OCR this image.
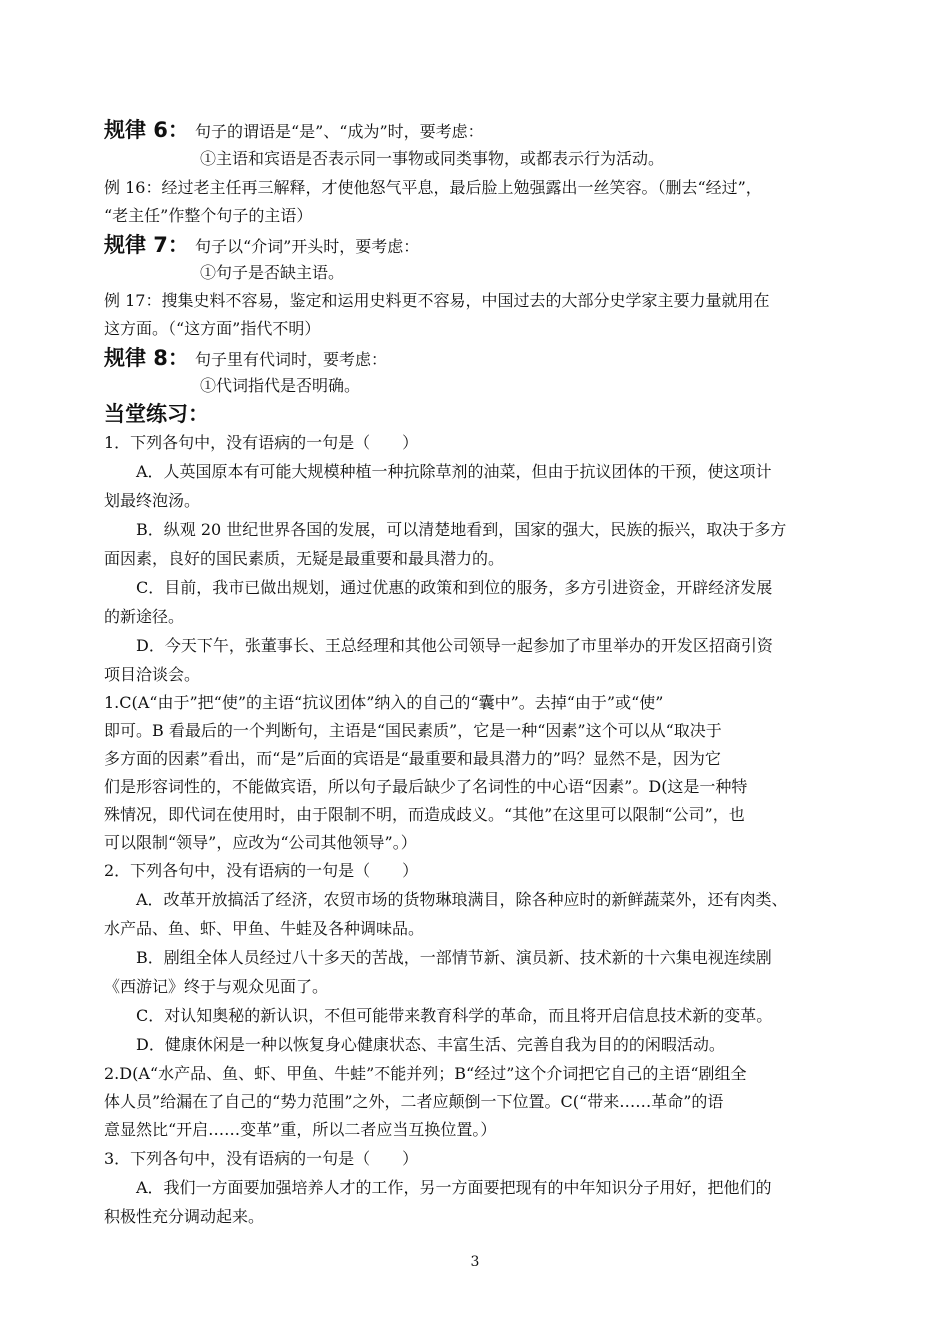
规律 6： 句子的谓语是“是”、“成为”时，要考虑：
①主语和宾语是否表示同一事物或同类事物，或都表示行为活动。
例 16：经过老主任再三解释，才使他怒气平息，最后脸上勉强露出一丝笑容。（删去“经过”，
“老主任”作整个句子的主语）
规律 7： 句子以“介词”开头时，要考虑：
①句子是否缺主语。
例 17：搜集史料不容易，鉴定和运用史料更不容易，中国过去的大部分史学家主要力量就用在
这方面。（“这方面”指代不明）
规律 8： 句子里有代词时，要考虑：
①代词指代是否明确。
当堂练习：
1．下列各句中，没有语病的一句是（　　）
A．人英国原本有可能大规模种植一种抗除草剂的油菜，但由于抗议团体的干预，使这项计
划最终泡汤。
B．纵观 20 世纪世界各国的发展，可以清楚地看到，国家的强大，民族的振兴，取决于多方
面因素，良好的国民素质，无疑是最重要和最具潜力的。
C．目前，我市已做出规划，通过优惠的政策和到位的服务，多方引进资金，开辟经济发展
的新途径。
D．今天下午，张董事长、王总经理和其他公司领导一起参加了市里举办的开发区招商引资
项目洽谈会。
1.C(A“由于”把“使”的主语“抗议团体”纳入的自己的“囊中”。去掉“由于”或“使”
即可。B 看最后的一个判断句，主语是“国民素质”，它是一种“因素”这个可以从“取决于
多方面的因素”看出，而“是”后面的宾语是“最重要和最具潜力的”吗？显然不是，因为它
们是形容词性的，不能做宾语，所以句子最后缺少了名词性的中心语“因素”。D(这是一种特
殊情况，即代词在使用时，由于限制不明，而造成歧义。“其他”在这里可以限制“公司”，也
可以限制“领导”，应改为“公司其他领导”。）
2．下列各句中，没有语病的一句是（　　）
A．改革开放搞活了经济，农贸市场的货物琳琅满目，除各种应时的新鲜蔬菜外，还有肉类、
水产品、鱼、虾、甲鱼、牛蛙及各种调味品。
B．剧组全体人员经过八十多天的苦战，一部情节新、演员新、技术新的十六集电视连续剧
《西游记》终于与观众见面了。
C．对认知奥秘的新认识，不但可能带来教育科学的革命，而且将开启信息技术新的变革。
D．健康休闲是一种以恢复身心健康状态、丰富生活、完善自我为目的的闲暇活动。
2.D(A“水产品、鱼、虾、甲鱼、牛蛙”不能并列；B“经过”这个介词把它自己的主语“剧组全
体人员”给漏在了自己的“势力范围”之外，二者应颠倒一下位置。C(“带来……革命”的语
意显然比“开启……变革”重，所以二者应当互换位置。）
3．下列各句中，没有语病的一句是（　　）
A．我们一方面要加强培养人才的工作，另一方面要把现有的中年知识分子用好，把他们的
积极性充分调动起来。
3
